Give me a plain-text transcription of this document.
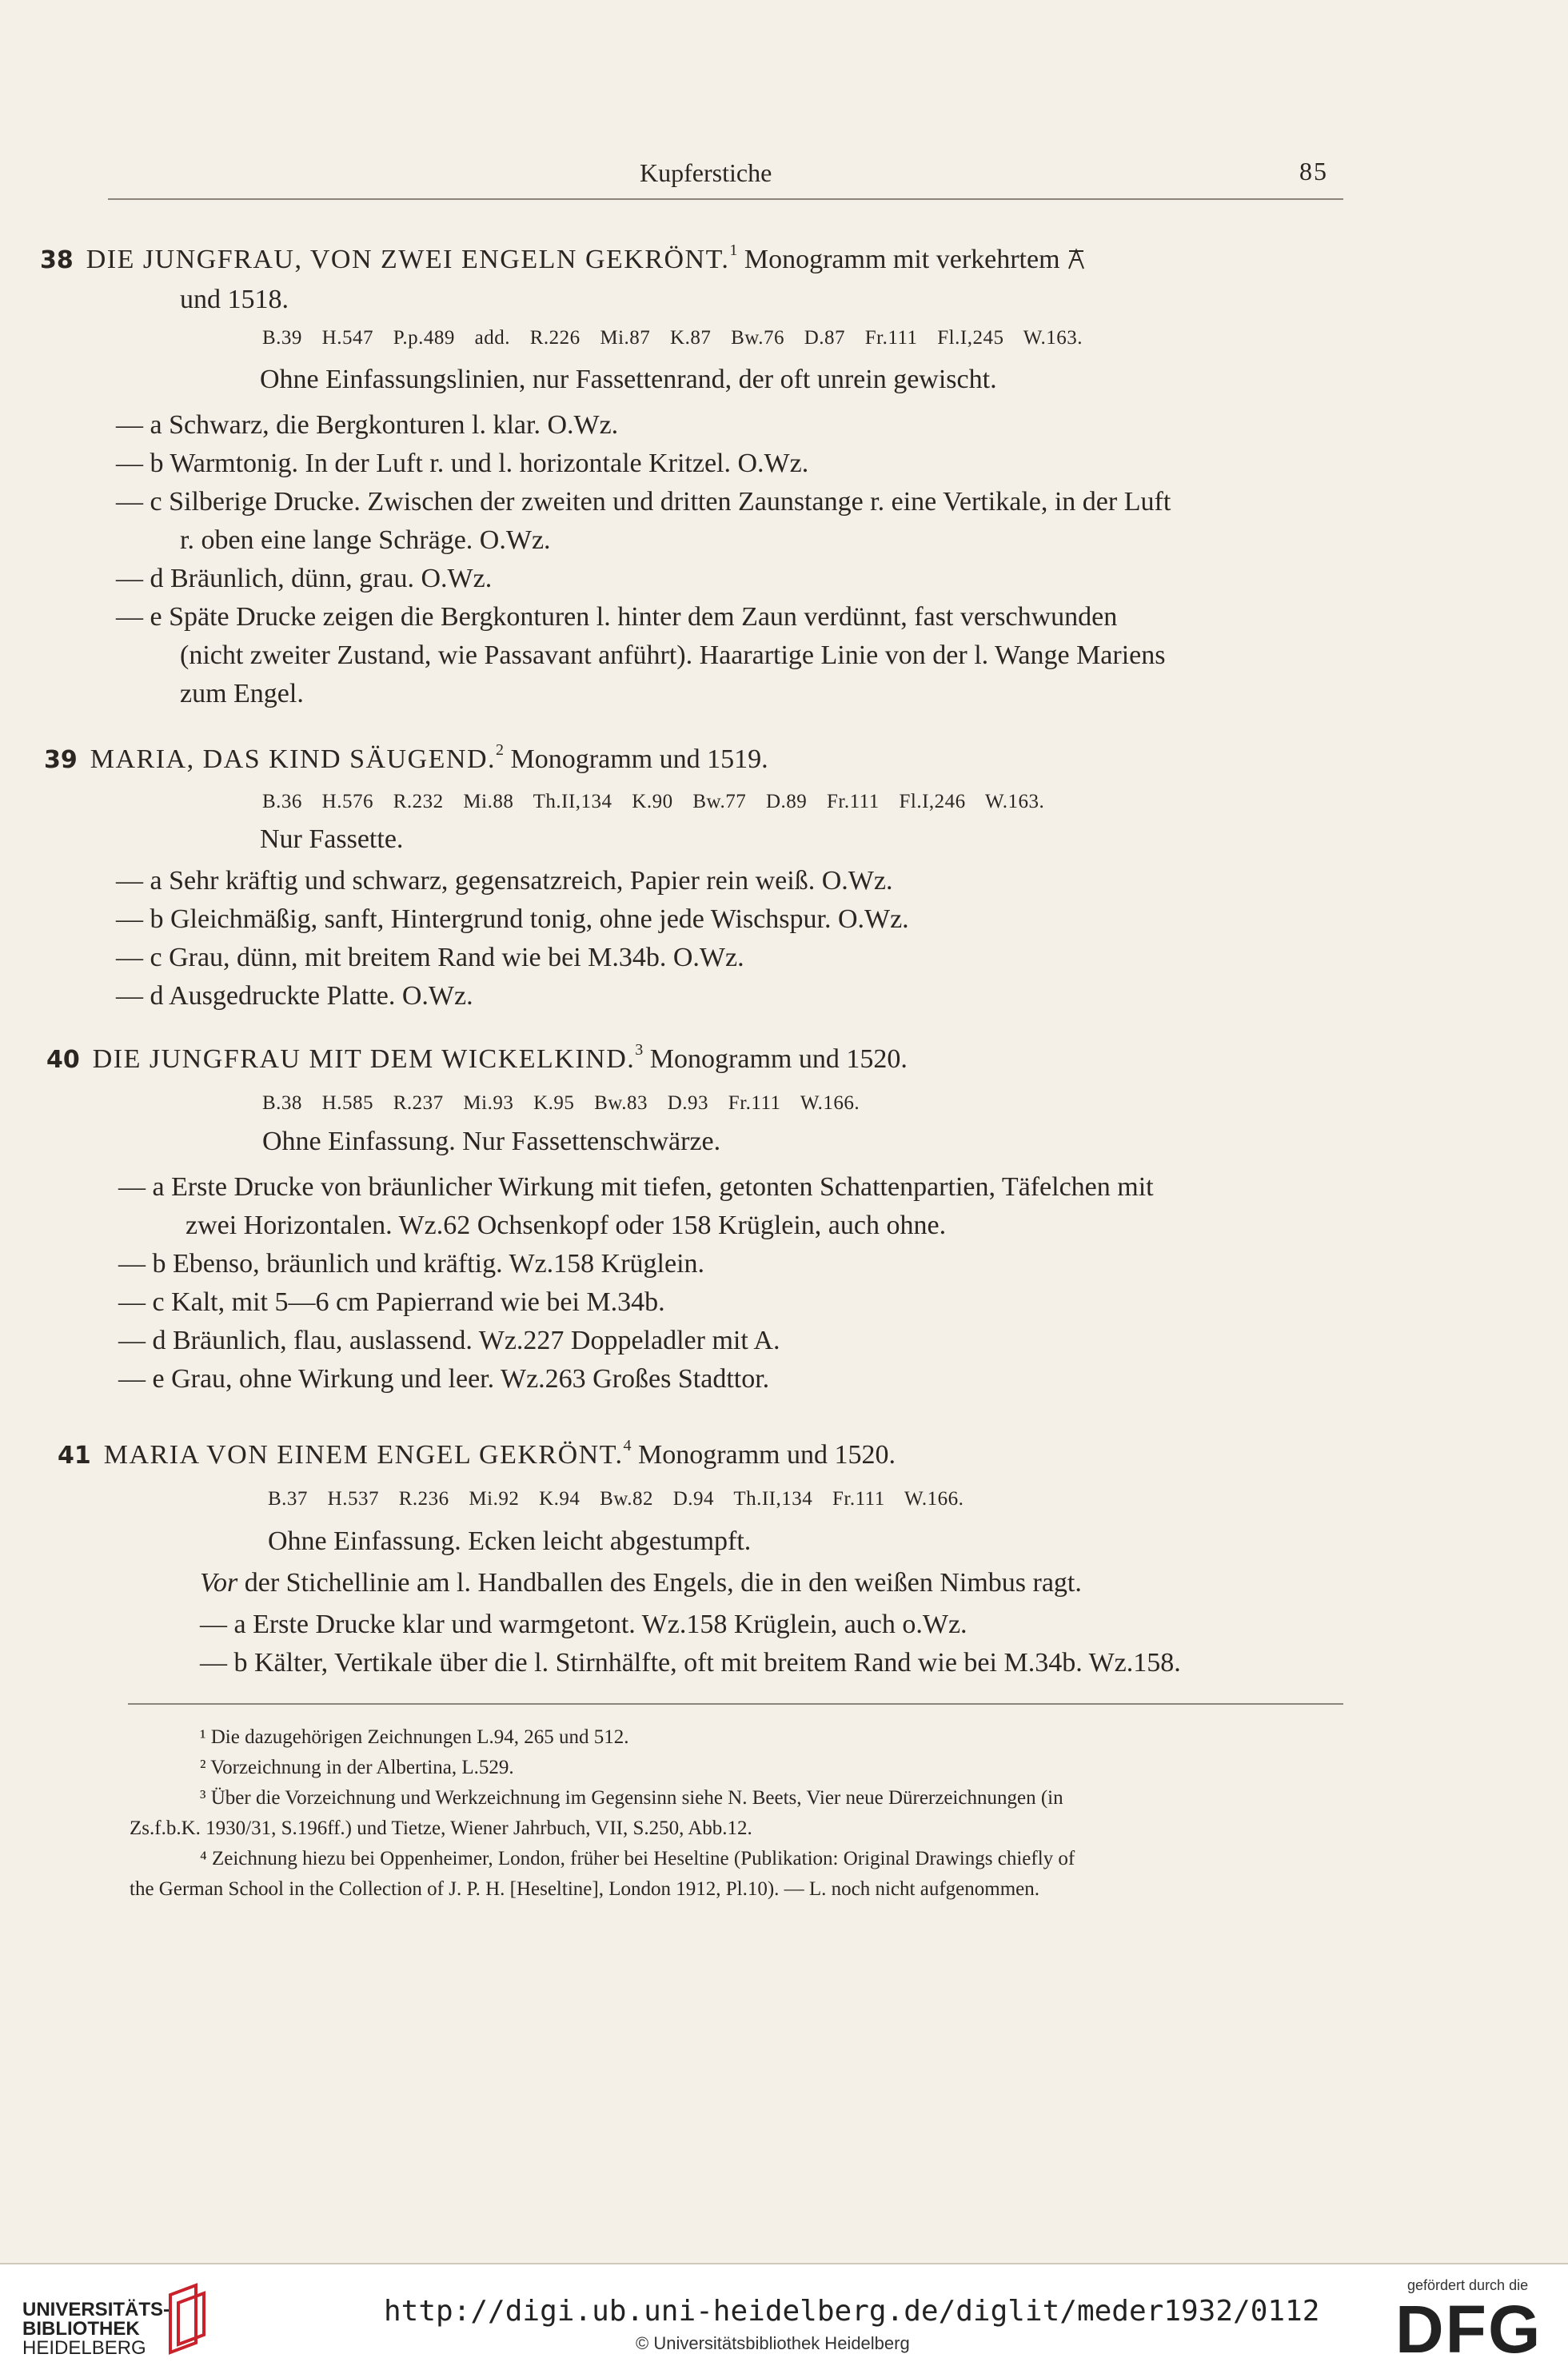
Kupferstiche	85
38 DIE JUNGFRAU, VON ZWEI ENGELN GEKRÖNT.$^1$ Monogramm mit verkehrtem
und 1518.
B.39 H.547 P.p.489 add. R.226 Mi.87 K.87 Bw.76 D.87 Fr.111 Fl.I,245 W.163.
Ohne Einfassungslinien, nur Fassettenrand, der oft unrein gewischt.
— a Schwarz, die Bergkonturen l. klar. O.Wz.
— b Warmtonig. In der Luft r. und l. horizontale Kritzel. O.Wz.
— c Silberige Drucke. Zwischen der zweiten und dritten Zaunstange r. eine Vertikale, in der Luft
r. oben eine lange Schräge. O.Wz.
— d Bräunlich, dünn, grau. O.Wz.
— e Späte Drucke zeigen die Bergkonturen l. hinter dem Zaun verdünnt, fast verschwunden
(nicht zweiter Zustand, wie Passavant anführt). Haarartige Linie von der l. Wange Mariens
zum Engel.
39 MARIA, DAS KIND SÄUGEND.$^2$ Monogramm und 1519.
B.36 H.576 R.232 Mi.88 Th.II,134 K.90 Bw.77 D.89 Fr.111 Fl.I,246 W.163.
Nur Fassette.
— a Sehr kräftig und schwarz, gegensatzreich, Papier rein weiß. O.Wz.
— b Gleichmäßig, sanft, Hintergrund tonig, ohne jede Wischspur. O.Wz.
— c Grau, dünn, mit breitem Rand wie bei M.34b. O.Wz.
— d Ausgedruckte Platte. O.Wz.
40 DIE JUNGFRAU MIT DEM WICKELKIND.$^3$ Monogramm und 1520.
B.38 H.585 R.237 Mi.93 K.95 Bw.83 D.93 Fr.111 W.166.
Ohne Einfassung. Nur Fassettenschwärze.
— a Erste Drucke von bräunlicher Wirkung mit tiefen, getonten Schattenpartien, Täfelchen mit
zwei Horizontalen. Wz.62 Ochsenkopf oder 158 Krüglein, auch ohne.
— b Ebenso, bräunlich und kräftig. Wz.158 Krüglein.
— c Kalt, mit 5—6 cm Papierrand wie bei M.34b.
— d Bräunlich, flau, auslassend. Wz.227 Doppeladler mit A.
— e Grau, ohne Wirkung und leer. Wz.263 Großes Stadttor.
41 MARIA VON EINEM ENGEL GEKRÖNT.$^4$ Monogramm und 1520.
B.37 H.537 R.236 Mi.92 K.94 Bw.82 D.94 Th.II,134 Fr.111 W.166.
Ohne Einfassung. Ecken leicht abgestumpft.
Vor der Stichellinie am l. Handballen des Engels, die in den weißen Nimbus ragt.
— a Erste Drucke klar und warmgetont. Wz.158 Krüglein, auch o.Wz.
— b Kälter, Vertikale über die l. Stirnhälfte, oft mit breitem Rand wie bei M.34b. Wz.158.
¹ Die dazugehörigen Zeichnungen L.94, 265 und 512.
² Vorzeichnung in der Albertina, L.529.
³ Über die Vorzeichnung und Werkzeichnung im Gegensinn siehe N. Beets, Vier neue Dürerzeichnungen (in
Zs.f.b.K. 1930/31, S.196ff.) und Tietze, Wiener Jahrbuch, VII, S.250, Abb.12.
⁴ Zeichnung hiezu bei Oppenheimer, London, früher bei Heseltine (Publikation: Original Drawings chiefly of
the German School in the Collection of J. P. H. [Heseltine], London 1912, Pl.10). — L. noch nicht aufgenommen.
UNIVERSITÄTS-
BIBLIOTHEK
HEIDELBERG
http://digi.ub.uni-heidelberg.de/diglit/meder1932/0112
© Universitätsbibliothek Heidelberg
gefördert durch die
DFG
